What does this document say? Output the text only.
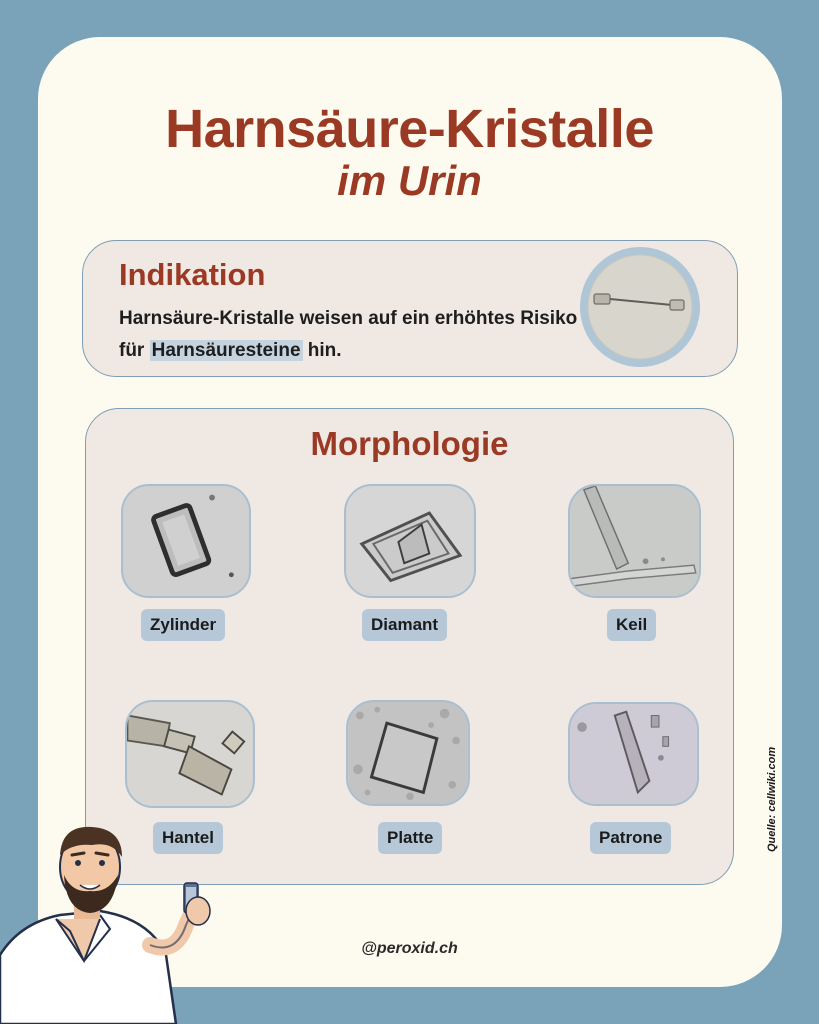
Harnsäure-Kristalle
im Urin
Indikation

Harnsäure-Kristalle weisen auf ein erhöhtes Risiko für Harnsäuresteine hin.

Morphologie
Zylinder	Diamant	Keil
Hantel	Platte	Patrone	Quelle: cellwiki.com
@peroxid.ch
